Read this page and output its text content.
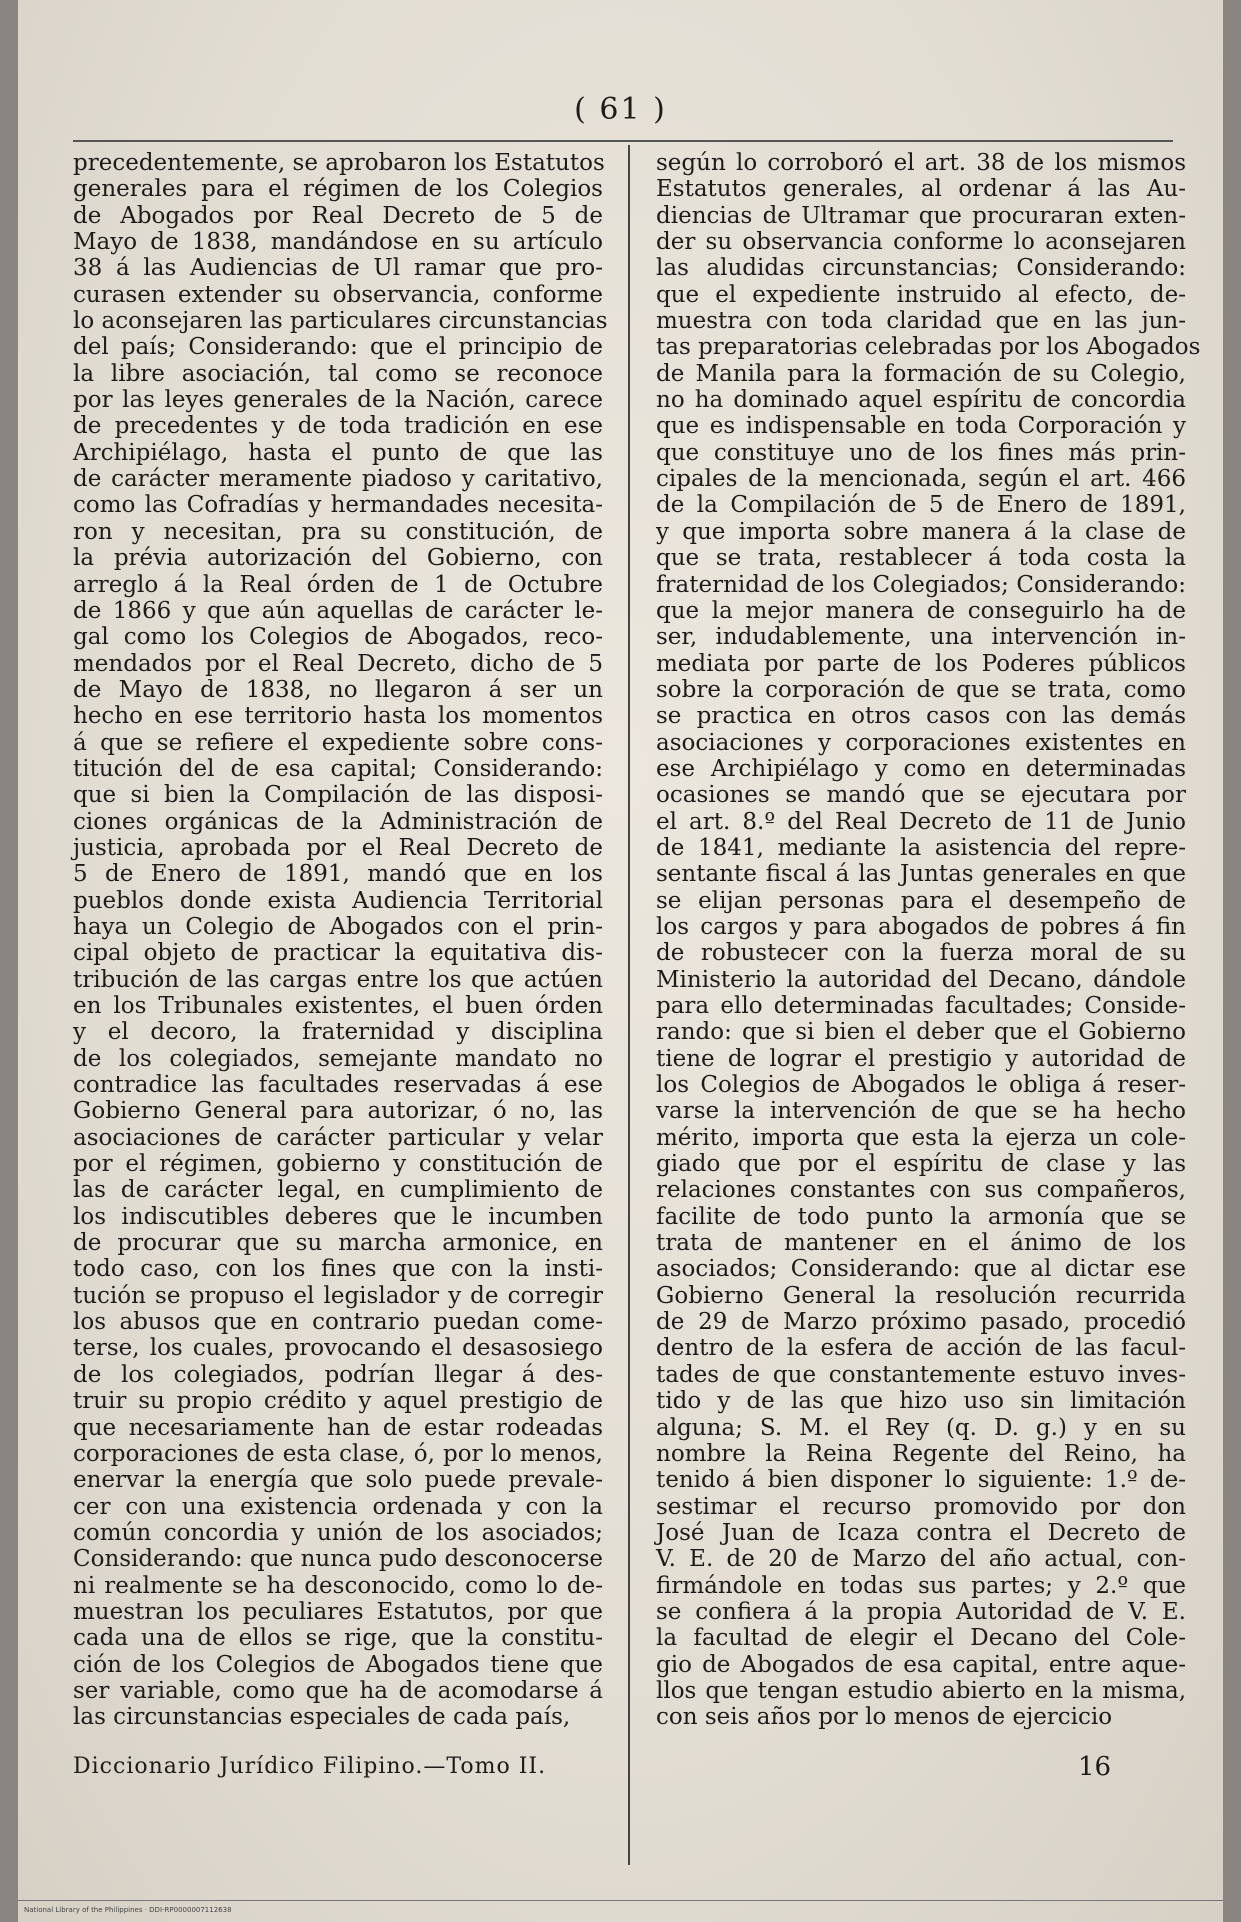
( 61 )
precedentemente, se aprobaron los Estatutos
generales para el régimen de los Colegios
de Abogados por Real Decreto de 5 de
Mayo de 1838, mandándose en su artículo
38 á las Audiencias de Ul ramar que pro-
curasen extender su observancia, conforme
lo aconsejaren las particulares circunstancias
del país; Considerando: que el principio de
la libre asociación, tal como se reconoce
por las leyes generales de la Nación, carece
de precedentes y de toda tradición en ese
Archipiélago, hasta el punto de que las
de carácter meramente piadoso y caritativo,
como las Cofradías y hermandades necesita-
ron y necesitan, pra su constitución, de
la prévia autorización del Gobierno, con
arreglo á la Real órden de 1 de Octubre
de 1866 y que aún aquellas de carácter le-
gal como los Colegios de Abogados, reco-
mendados por el Real Decreto, dicho de 5
de Mayo de 1838, no llegaron á ser un
hecho en ese territorio hasta los momentos
á que se refiere el expediente sobre cons-
titución del de esa capital; Considerando:
que si bien la Compilación de las disposi-
ciones orgánicas de la Administración de
justicia, aprobada por el Real Decreto de
5 de Enero de 1891, mandó que en los
pueblos donde exista Audiencia Territorial
haya un Colegio de Abogados con el prin-
cipal objeto de practicar la equitativa dis-
tribución de las cargas entre los que actúen
en los Tribunales existentes, el buen órden
y el decoro, la fraternidad y disciplina
de los colegiados, semejante mandato no
contradice las facultades reservadas á ese
Gobierno General para autorizar, ó no, las
asociaciones de carácter particular y velar
por el régimen, gobierno y constitución de
las de carácter legal, en cumplimiento de
los indiscutibles deberes que le incumben
de procurar que su marcha armonice, en
todo caso, con los fines que con la insti-
tución se propuso el legislador y de corregir
los abusos que en contrario puedan come-
terse, los cuales, provocando el desasosiego
de los colegiados, podrían llegar á des-
truir su propio crédito y aquel prestigio de
que necesariamente han de estar rodeadas
corporaciones de esta clase, ó, por lo menos,
enervar la energía que solo puede prevale-
cer con una existencia ordenada y con la
común concordia y unión de los asociados;
Considerando: que nunca pudo desconocerse
ni realmente se ha desconocido, como lo de-
muestran los peculiares Estatutos, por que
cada una de ellos se rige, que la constitu-
ción de los Colegios de Abogados tiene que
ser variable, como que ha de acomodarse á
las circunstancias especiales de cada país,
según lo corroboró el art. 38 de los mismos
Estatutos generales, al ordenar á las Au-
diencias de Ultramar que procuraran exten-
der su observancia conforme lo aconsejaren
las aludidas circunstancias; Considerando:
que el expediente instruido al efecto, de-
muestra con toda claridad que en las jun-
tas preparatorias celebradas por los Abogados
de Manila para la formación de su Colegio,
no ha dominado aquel espíritu de concordia
que es indispensable en toda Corporación y
que constituye uno de los fines más prin-
cipales de la mencionada, según el art. 466
de la Compilación de 5 de Enero de 1891,
y que importa sobre manera á la clase de
que se trata, restablecer á toda costa la
fraternidad de los Colegiados; Considerando:
que la mejor manera de conseguirlo ha de
ser, indudablemente, una intervención in-
mediata por parte de los Poderes públicos
sobre la corporación de que se trata, como
se practica en otros casos con las demás
asociaciones y corporaciones existentes en
ese Archipiélago y como en determinadas
ocasiones se mandó que se ejecutara por
el art. 8.º del Real Decreto de 11 de Junio
de 1841, mediante la asistencia del repre-
sentante fiscal á las Juntas generales en que
se elijan personas para el desempeño de
los cargos y para abogados de pobres á fin
de robustecer con la fuerza moral de su
Ministerio la autoridad del Decano, dándole
para ello determinadas facultades; Conside-
rando: que si bien el deber que el Gobierno
tiene de lograr el prestigio y autoridad de
los Colegios de Abogados le obliga á reser-
varse la intervención de que se ha hecho
mérito, importa que esta la ejerza un cole-
giado que por el espíritu de clase y las
relaciones constantes con sus compañeros,
facilite de todo punto la armonía que se
trata de mantener en el ánimo de los
asociados; Considerando: que al dictar ese
Gobierno General la resolución recurrida
de 29 de Marzo próximo pasado, procedió
dentro de la esfera de acción de las facul-
tades de que constantemente estuvo inves-
tido y de las que hizo uso sin limitación
alguna; S. M. el Rey (q. D. g.) y en su
nombre la Reina Regente del Reino, ha
tenido á bien disponer lo siguiente: 1.º de-
sestimar el recurso promovido por don
José Juan de Icaza contra el Decreto de
V. E. de 20 de Marzo del año actual, con-
firmándole en todas sus partes; y 2.º que
se confiera á la propia Autoridad de V. E.
la facultad de elegir el Decano del Cole-
gio de Abogados de esa capital, entre aque-
llos que tengan estudio abierto en la misma,
con seis años por lo menos de ejercicio
Diccionario Jurídico Filipino.—Tomo II.	16
National Library of the Philippines · DDI-RP0000007112638
